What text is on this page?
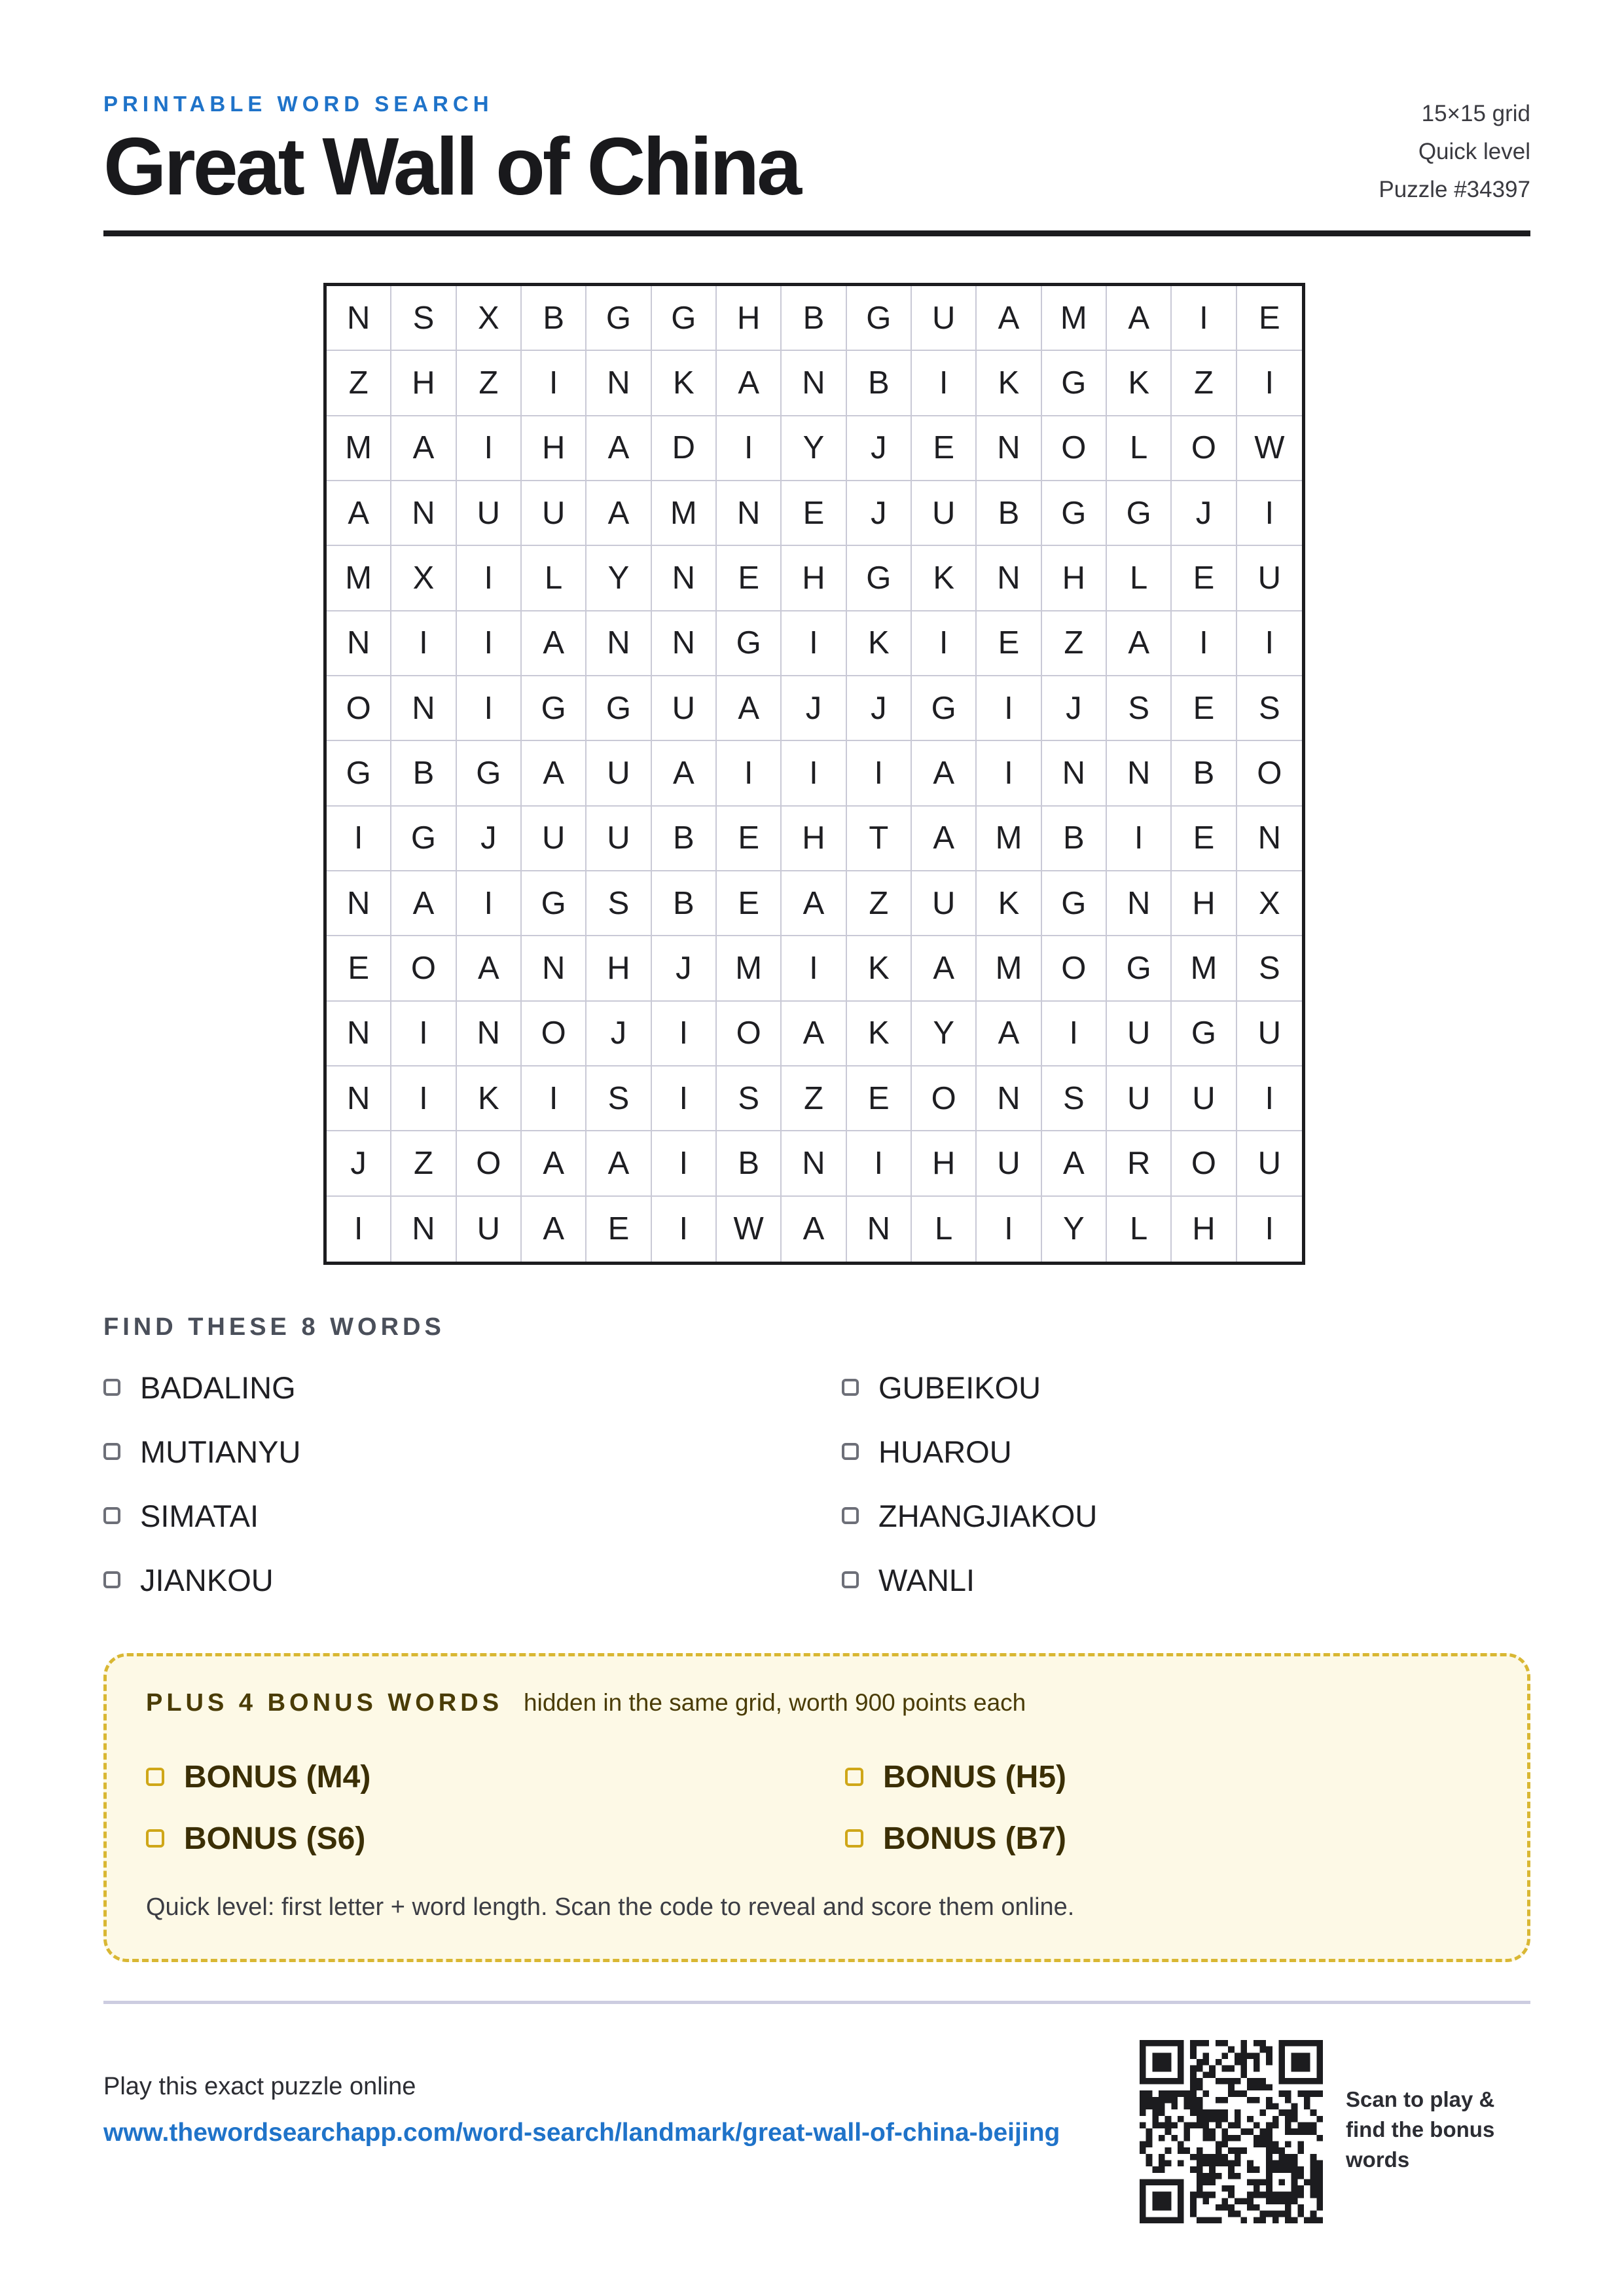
PRINTABLE WORD SEARCH
Great Wall of China
15×15 grid
Quick level
Puzzle #34397
N	S	X	B	G	G	H	B	G	U	A	M	A	I	E
Z	H	Z	I	N	K	A	N	B	I	K	G	K	Z	I
M	A	I	H	A	D	I	Y	J	E	N	O	L	O	W
A	N	U	U	A	M	N	E	J	U	B	G	G	J	I
M	X	I	L	Y	N	E	H	G	K	N	H	L	E	U
N	I	I	A	N	N	G	I	K	I	E	Z	A	I	I
O	N	I	G	G	U	A	J	J	G	I	J	S	E	S
G	B	G	A	U	A	I	I	I	A	I	N	N	B	O
I	G	J	U	U	B	E	H	T	A	M	B	I	E	N
N	A	I	G	S	B	E	A	Z	U	K	G	N	H	X
E	O	A	N	H	J	M	I	K	A	M	O	G	M	S
N	I	N	O	J	I	O	A	K	Y	A	I	U	G	U
N	I	K	I	S	I	S	Z	E	O	N	S	U	U	I
J	Z	O	A	A	I	B	N	I	H	U	A	R	O	U
I	N	U	A	E	I	W	A	N	L	I	Y	L	H	I
FIND THESE 8 WORDS
BADALING	GUBEIKOU
MUTIANYU	HUAROU
SIMATAI	ZHANGJIAKOU
JIANKOU	WANLI
PLUS 4 BONUS WORDS hidden in the same grid, worth 900 points each
BONUS (M4)	BONUS (H5)
BONUS (S6)	BONUS (B7)
Quick level: first letter + word length. Scan the code to reveal and score them online.
Play this exact puzzle online
www.thewordsearchapp.com/word-search/landmark/great-wall-of-china-beijing
Scan to play & find the bonus words
